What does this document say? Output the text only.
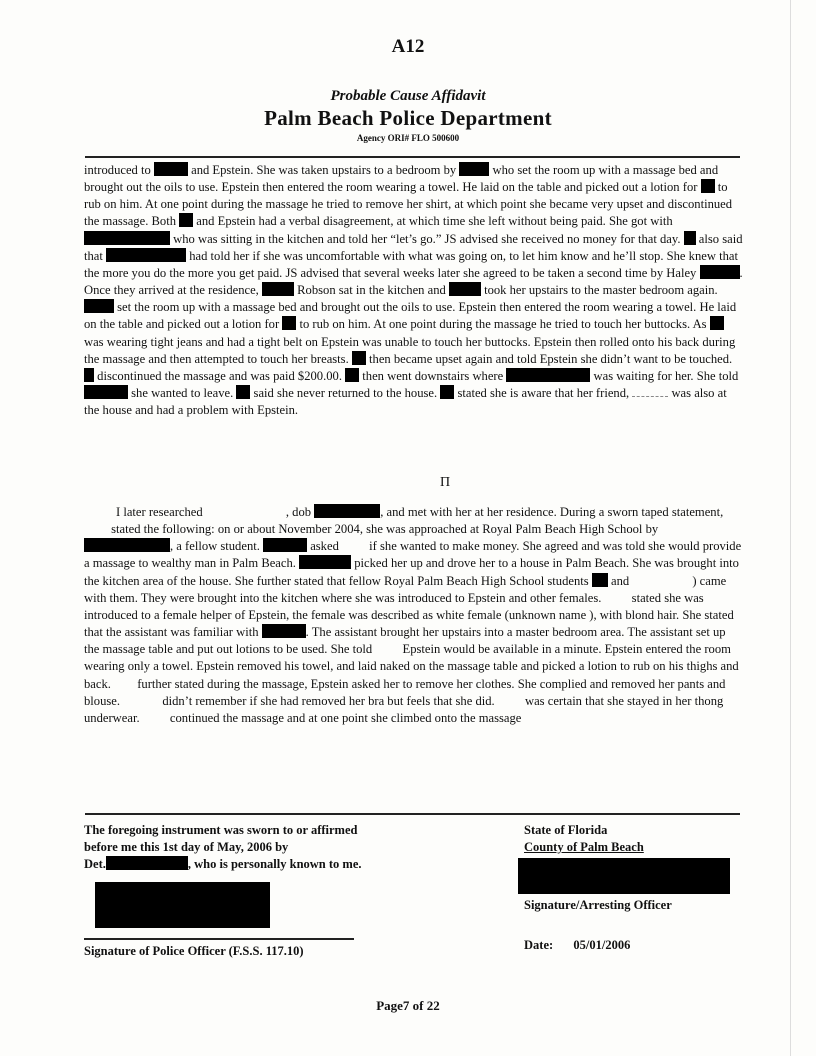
A12
Probable Cause Affidavit
Palm Beach Police Department
Agency ORI# FLO 500600

introduced to	and Epstein. She was taken upstairs to a bedroom by  who set the room up with a massage bed and brought out the oils to use. Epstein then entered the room wearing a towel. He laid on the table and picked out a lotion for  to rub on him. At one point during the massage he tried to remove her shirt, at which point she became very upset and discontinued the massage. Both  and Epstein had a verbal disagreement, at which time she left without being paid. She got with  who was sitting in the kitchen and told her “let’s go.” JS advised she received no money for that day.  also said that	had told her if she was uncomfortable with what was going on, to let him know and he’ll stop. She knew that the more you do the more you get paid. JS advised that several weeks later she agreed to be taken a second time by Haley	. Once they arrived at the residence,	Robson sat in the kitchen and	took her upstairs to the master bedroom again.  set the room up with a massage bed and brought out the oils to use. Epstein then entered the room wearing a towel. He laid on the table and picked out a lotion for  to rub on him. At one point during the massage he tried to touch her buttocks. As  was wearing tight jeans and had a tight belt on Epstein was unable to touch her buttocks. Epstein then rolled onto his back during the massage and then attempted to touch her breasts.  then became upset again and told Epstein she didn’t want to be touched.  discontinued the massage and was paid $200.00.  then went downstairs where	was waiting for her. She told  she wanted to leave.  said she never returned to the house.  stated she is aware that her friend,	was also at the house and had a problem with Epstein.

Π

I later researched	, dob	, and met with her at her residence. During a sworn taped statement,  stated the following: on or about November 2004, she was approached at Royal Palm Beach High School by , a fellow student.	asked  if she wanted to make money. She agreed and was told she would provide a massage to wealthy man in Palm Beach.	picked her up and drove her to a house in Palm Beach. She was brought into the kitchen area of the house. She further stated that fellow Royal Palm Beach High School students  and	) came with them. They were brought into the kitchen where she was introduced to Epstein and other females.  stated she was introduced to a female helper of Epstein, the female was described as white female (unknown name ), with blond hair. She stated that the assistant was familiar with	. The assistant brought her upstairs into a master bedroom area. The assistant set up the massage table and put out lotions to be used. She told  Epstein would be available in a minute. Epstein entered the room wearing only a towel. Epstein removed his towel, and laid naked on the massage table and picked a lotion to rub on his thighs and back.  further stated during the massage, Epstein asked her to remove her clothes. She complied and removed her pants and blouse.	didn’t remember if she had removed her bra but feels that she did.  was certain that she stayed in her thong underwear.  continued the massage and at one point she climbed onto the massage

The foregoing instrument was sworn to or affirmed
before me this 1st day of May, 2006 by
Det.	, who is personally known to me.
Signature of Police Officer (F.S.S. 117.10)
State of Florida
County of Palm Beach
Signature/Arresting Officer
Date: 05/01/2006
Page7 of 22
